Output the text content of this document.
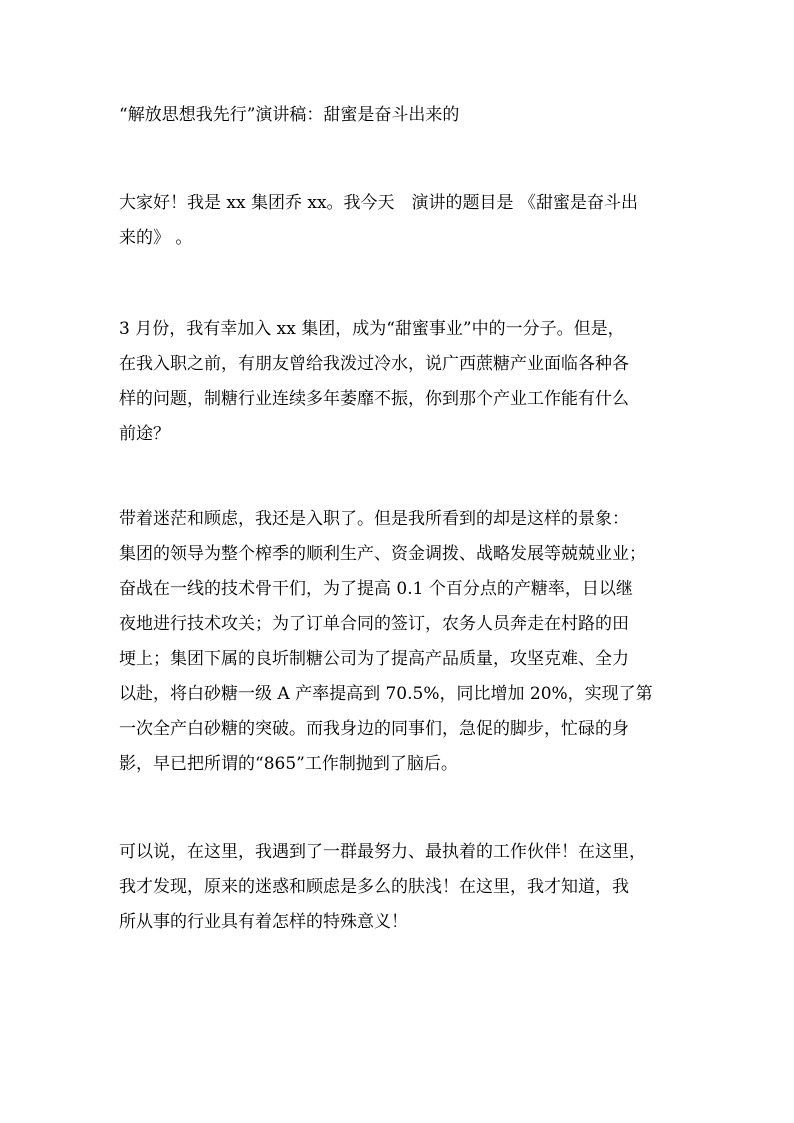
“解放思想我先行”演讲稿：甜蜜是奋斗出来的

大家好！我是 xx 集团乔 xx。我今天　演讲的题目是 《甜蜜是奋斗出
来的》 。
3 月份，我有幸加入 xx 集团，成为“甜蜜事业”中的一分子。但是，
在我入职之前，有朋友曾给我泼过冷水，说广西蔗糖产业面临各种各
样的问题，制糖行业连续多年萎靡不振，你到那个产业工作能有什么
前途？
带着迷茫和顾虑，我还是入职了。但是我所看到的却是这样的景象：
集团的领导为整个榨季的顺利生产、资金调拨、战略发展等兢兢业业；
奋战在一线的技术骨干们，为了提高 0.1 个百分点的产糖率，日以继
夜地进行技术攻关；为了订单合同的签订，农务人员奔走在村路的田
埂上；集团下属的良圻制糖公司为了提高产品质量，攻坚克难、全力
以赴，将白砂糖一级 A 产率提高到 70.5%，同比增加 20%，实现了第
一次全产白砂糖的突破。而我身边的同事们，急促的脚步，忙碌的身
影，早已把所谓的“865”工作制抛到了脑后。
可以说，在这里，我遇到了一群最努力、最执着的工作伙伴！在这里，
我才发现，原来的迷惑和顾虑是多么的肤浅！在这里，我才知道，我
所从事的行业具有着怎样的特殊意义！
